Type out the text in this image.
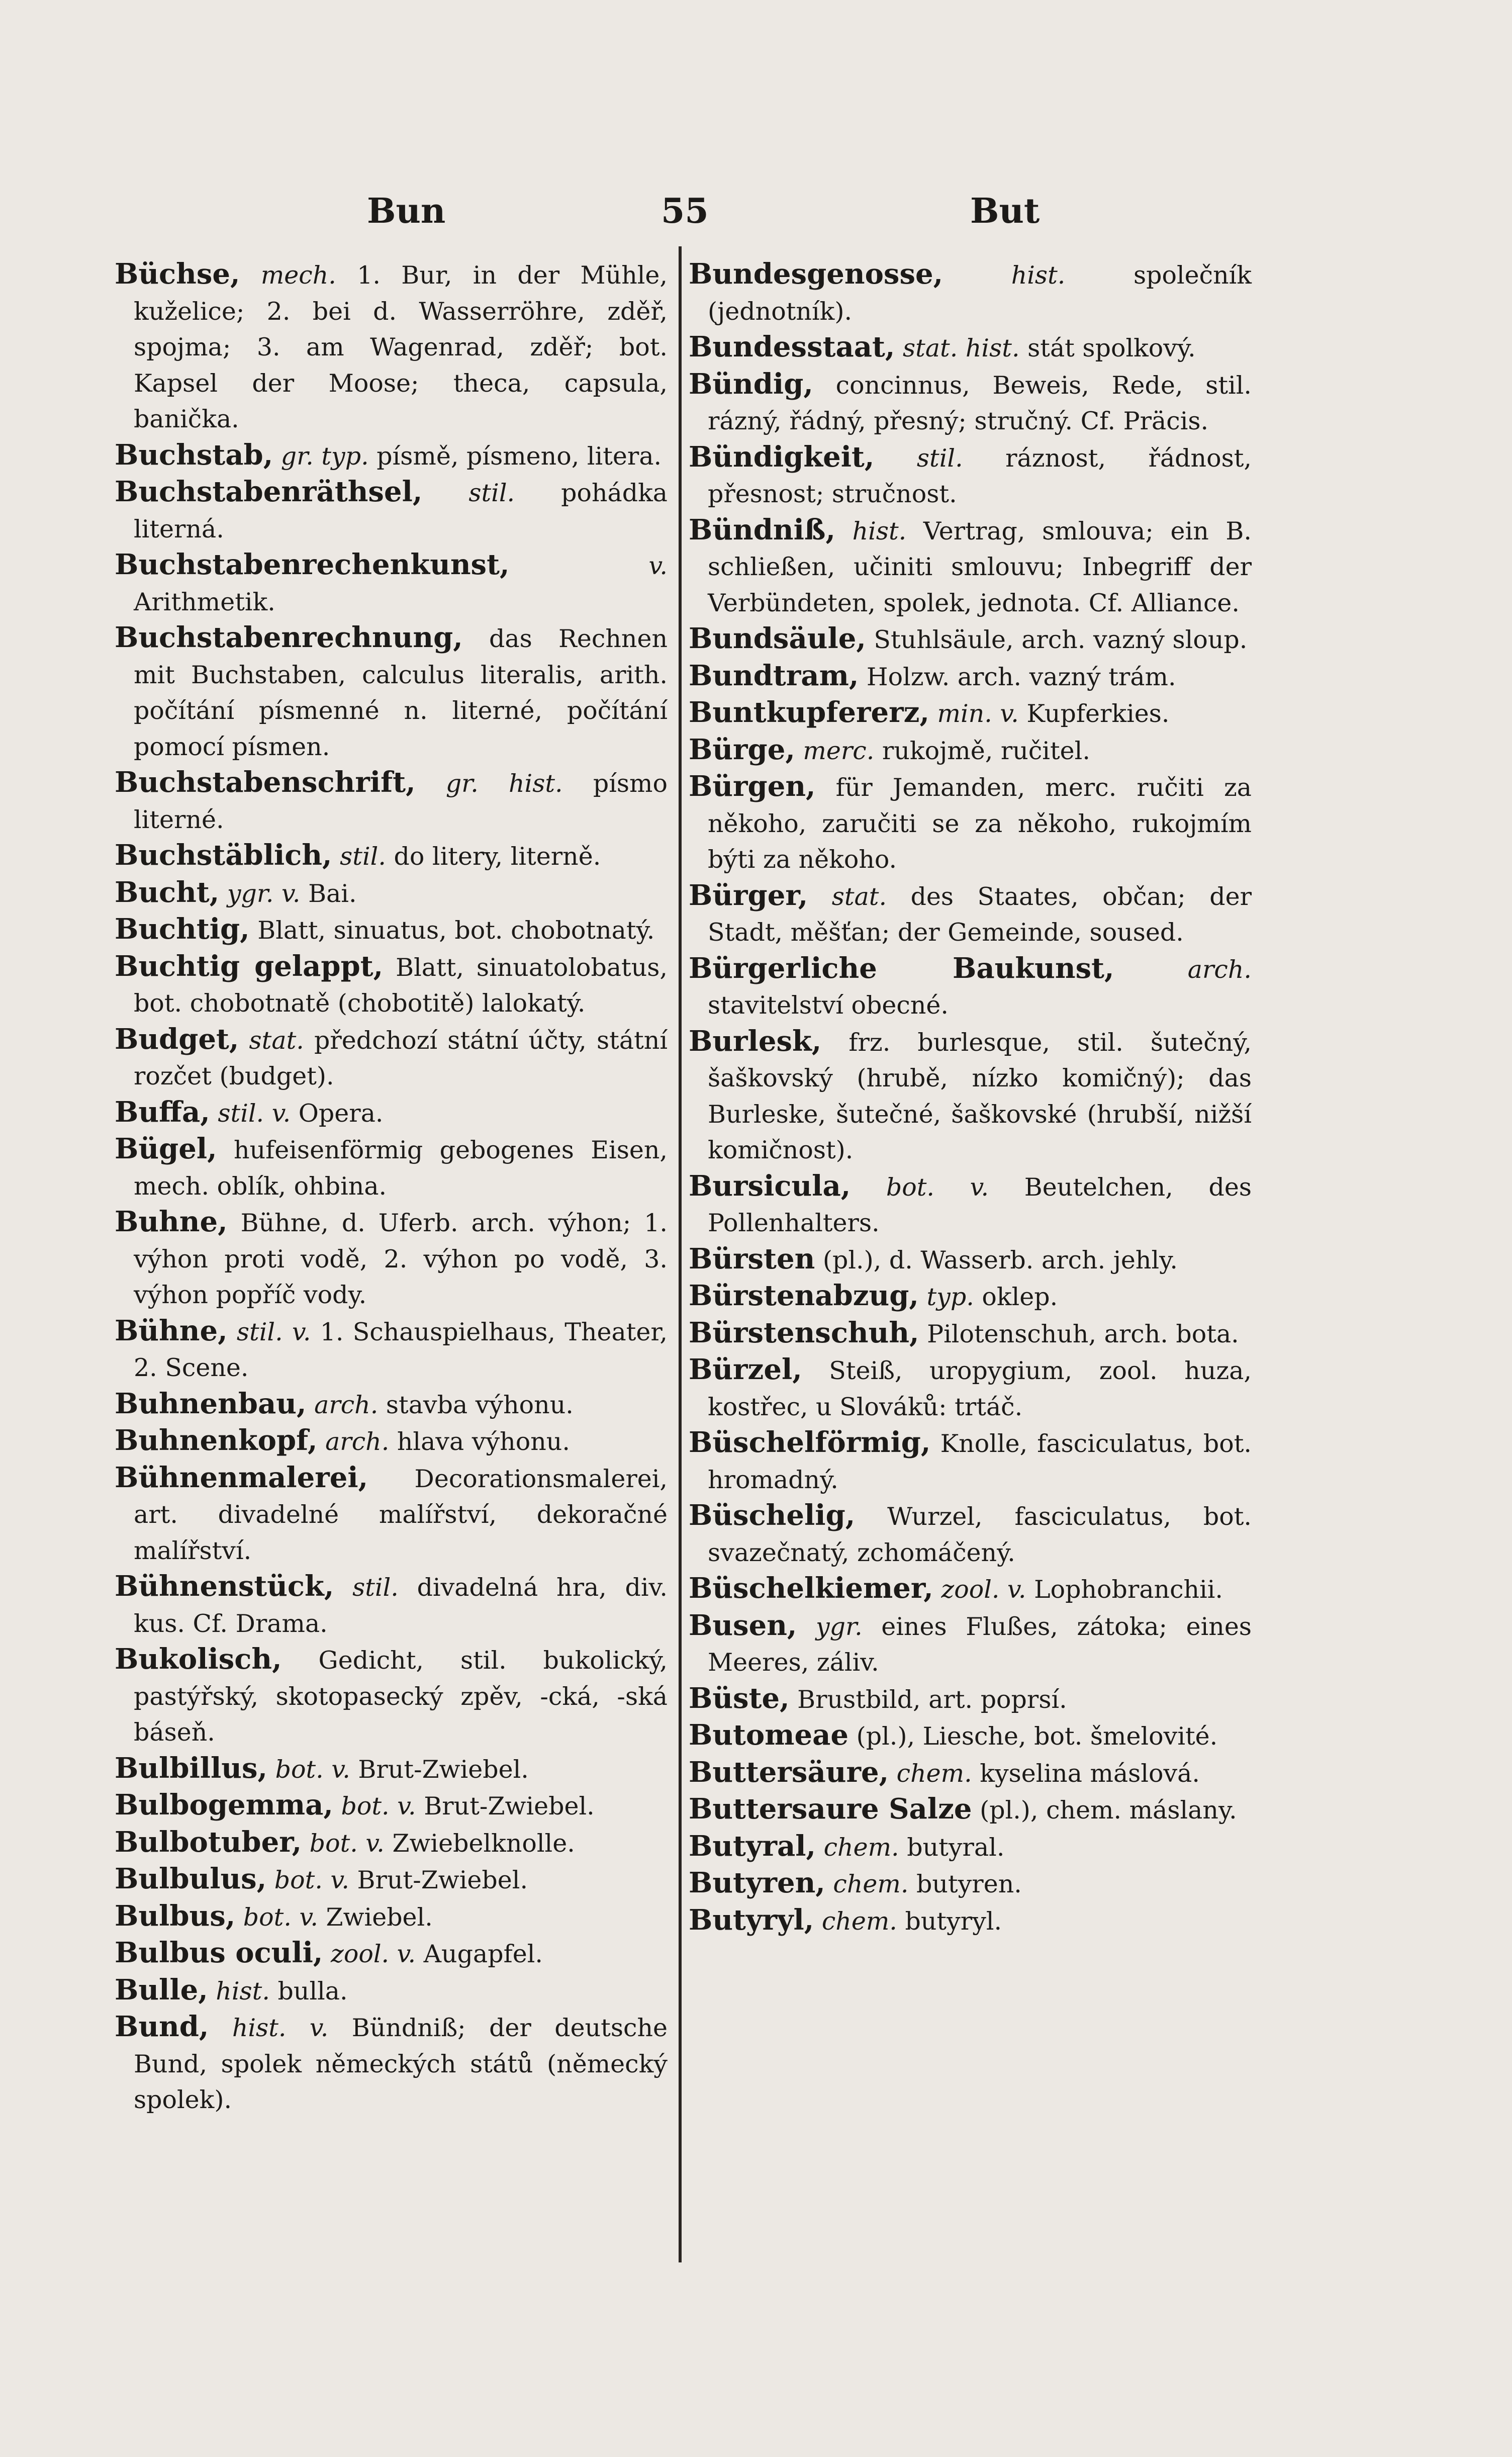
Bun	55	But

Büchse, mech. 1. Bur, in der Mühle, kuželice; 2. bei d. Wasserröhre, zděř, spojma; 3. am Wagenrad, zděř; bot. Kapsel der Moose; theca, capsula, banička.

Buchstab, gr. typ. písmě, písmeno, litera.

Buchstabenräthsel, stil. pohádka literná.

Buchstabenrechenkunst,	v. Arithmetik.

Buchstabenrechnung, das Rechnen mit Buchstaben, calculus literalis, arith. počítání písmenné n. literné, počítání pomocí písmen.

Buchstabenschrift, gr. hist. písmo literné.

Buchstäblich, stil. do litery, literně.

Bucht, ygr. v. Bai.

Buchtig, Blatt, sinuatus, bot. chobotnatý.

Buchtig gelappt, Blatt, sinuatolobatus, bot. chobotnatě (chobotitě) lalokatý.

Budget, stat. předchozí státní účty, státní rozčet (budget).

Buffa, stil. v. Opera.

Bügel, hufeisenförmig gebogenes Eisen, mech. oblík, ohbina.

Buhne, Bühne, d. Uferb. arch. výhon; 1. výhon proti vodě, 2. výhon po vodě, 3. výhon popříč vody.

Bühne, stil. v. 1. Schauspielhaus, Theater, 2. Scene.

Buhnenbau, arch. stavba výhonu.

Buhnenkopf, arch. hlava výhonu.

Bühnenmalerei, Decorationsmalerei, art. divadelné malířství, dekoračné malířství.

Bühnenstück, stil. divadelná hra, div. kus. Cf. Drama.

Bukolisch, Gedicht, stil. bukolický, pastýřský, skotopasecký zpěv, -cká, -ská báseň.

Bulbillus, bot. v. Brut-Zwiebel.

Bulbogemma, bot. v. Brut-Zwiebel.

Bulbotuber, bot. v. Zwiebelknolle.

Bulbulus, bot. v. Brut-Zwiebel.

Bulbus, bot. v. Zwiebel.

Bulbus oculi, zool. v. Augapfel.

Bulle, hist. bulla.

Bund, hist. v. Bündniß; der deutsche Bund, spolek německých států (německý spolek).

Bundesgenosse,	hist.	společník (jednotník).

Bundesstaat, stat. hist. stát spolkový.

Bündig, concinnus, Beweis, Rede, stil. rázný, řádný, přesný; stručný. Cf. Präcis.

Bündigkeit, stil. ráznost, řádnost, přesnost; stručnost.

Bündniß, hist. Vertrag, smlouva; ein B. schließen, učiniti smlouvu; Inbegriff der Verbündeten, spolek, jednota. Cf. Alliance.

Bundsäule, Stuhlsäule, arch. vazný sloup.

Bundtram, Holzw. arch. vazný trám.

Buntkupfererz, min. v. Kupferkies.

Bürge, merc. rukojmě, ručitel.

Bürgen, für Jemanden, merc. ručiti za někoho, zaručiti se za někoho, rukojmím býti za někoho.

Bürger, stat. des Staates, občan; der Stadt, měšťan; der Gemeinde, soused.

Bürgerliche Baukunst,	arch. stavitelství obecné.

Burlesk, frz. burlesque, stil. šutečný, šaškovský (hrubě, nízko komičný); das Burleske, šutečné, šaškovské (hrubší, nižší komičnost).

Bursicula, bot. v. Beutelchen, des Pollenhalters.

Bürsten (pl.), d. Wasserb. arch. jehly.

Bürstenabzug, typ. oklep.

Bürstenschuh, Pilotenschuh, arch. bota.

Bürzel, Steiß, uropygium, zool. huza, kostřec, u Slováků: trtáč.

Büschelförmig, Knolle, fasciculatus, bot. hromadný.

Büschelig, Wurzel, fasciculatus, bot. svazečnatý, zchomáčený.

Büschelkiemer, zool. v. Lophobranchii.

Busen, ygr. eines Flußes, zátoka; eines Meeres, záliv.

Büste, Brustbild, art. poprsí.

Butomeae (pl.), Liesche, bot. šmelovité.

Buttersäure, chem. kyselina máslová.

Buttersaure Salze (pl.), chem. máslany.

Butyral, chem. butyral.

Butyren, chem. butyren.

Butyryl, chem. butyryl.
